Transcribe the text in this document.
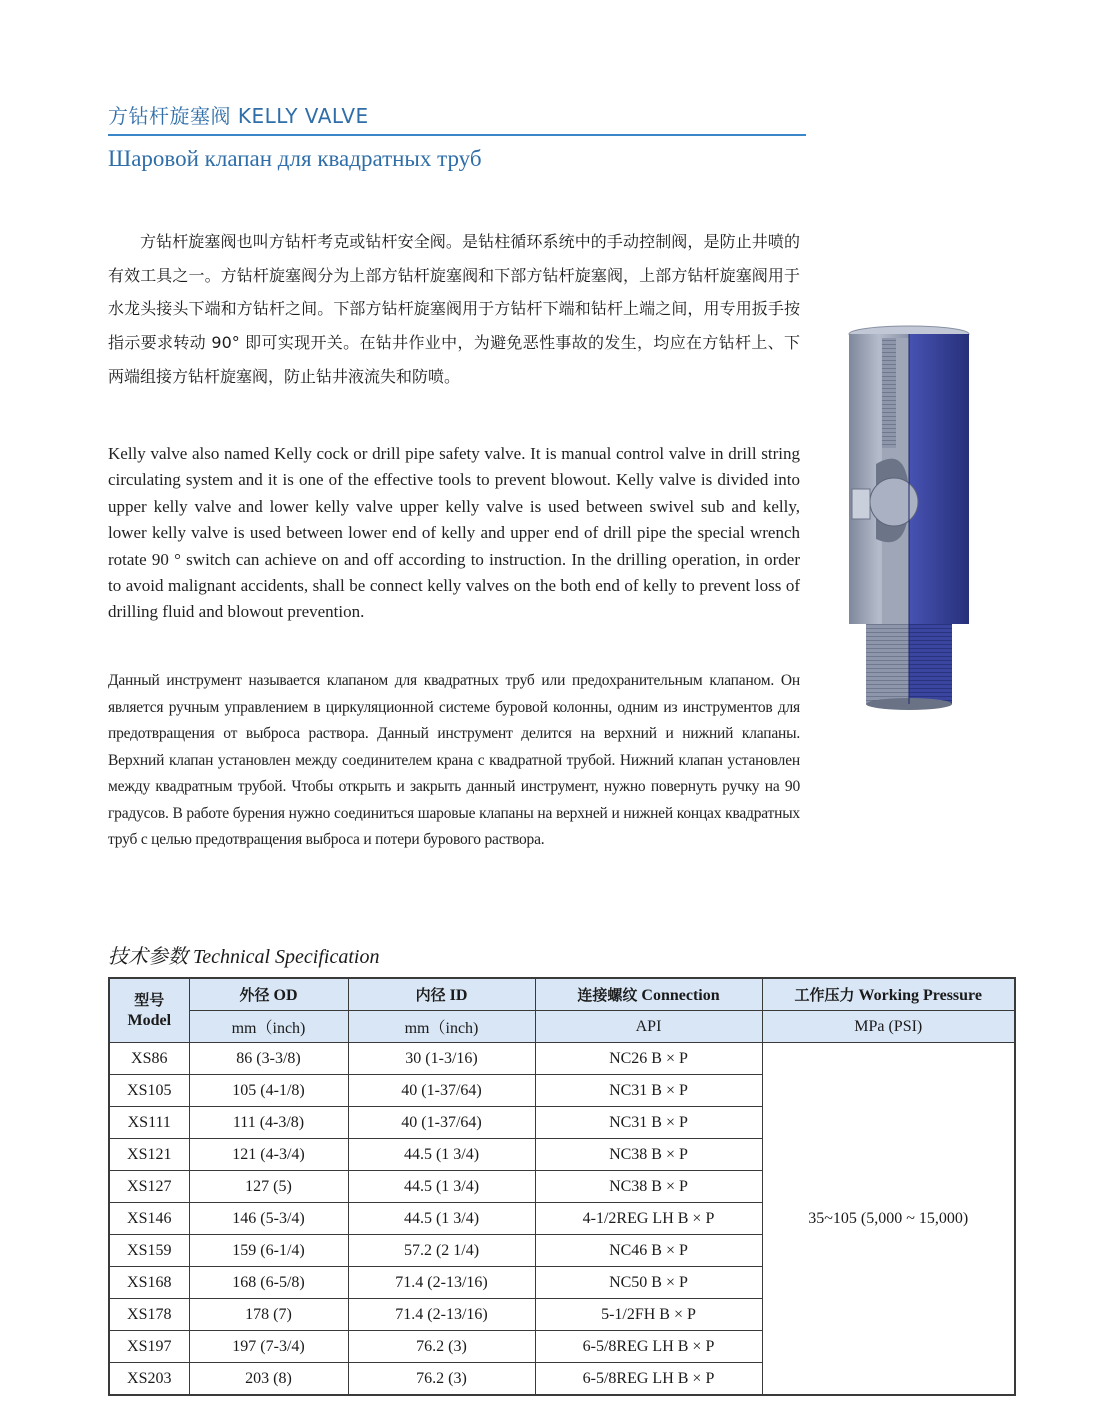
方钻杆旋塞阀 KELLY VALVE
Шаровой клапан для квадратных труб

方钻杆旋塞阀也叫方钻杆考克或钻杆安全阀。是钻柱循环系统中的手动控制阀，是防止井喷的有效工具之一。方钻杆旋塞阀分为上部方钻杆旋塞阀和下部方钻杆旋塞阀，上部方钻杆旋塞阀用于水龙头接头下端和方钻杆之间。下部方钻杆旋塞阀用于方钻杆下端和钻杆上端之间，用专用扳手按指示要求转动 90° 即可实现开关。在钻井作业中，为避免恶性事故的发生，均应在方钻杆上、下两端组接方钻杆旋塞阀，防止钻井液流失和防喷。

Kelly valve also named Kelly cock or drill pipe safety valve. It is manual control valve in drill string circulating system and it is one of the effective tools to prevent blowout. Kelly valve is divided into upper kelly valve and lower kelly valve upper kelly valve is used between swivel sub and kelly, lower kelly valve is used between lower end of kelly and upper end of drill pipe the special wrench rotate 90 ° switch can achieve on and off according to instruction. In the drilling operation, in order to avoid malignant accidents, shall be connect kelly valves on the both end of kelly to prevent loss of drilling fluid and blowout prevention.

Данный инструмент называется клапаном для квадратных труб или предохранительным клапаном. Он является ручным управлением в циркуляционной системе буровой колонны, одним из инструментов для предотвращения от выброса раствора. Данный инструмент делится на верхний и нижний клапаны. Верхний клапан установлен между соединителем крана с квадратной трубой. Нижний клапан установлен между квадратным трубой. Чтобы открыть и закрыть данный инструмент, нужно повернуть ручку на 90 градусов. В работе бурения нужно соединиться шаровые клапаны на верхней и нижней концах квадратных труб с целью предотвращения выброса и потери бурового раствора.

技术参数 Technical Specification
型号
Model	外径 OD	内径 ID	连接螺纹 Connection	工作压力 Working Pressure
	mm（inch)	mm（inch)	API	MPa (PSI)
XS86	86 (3-3/8)	30 (1-3/16)	NC26 B × P	35~105 (5,000 ~ 15,000)
XS105	105 (4-1/8)	40 (1-37/64)	NC31 B × P	
XS111	111 (4-3/8)	40 (1-37/64)	NC31 B × P	
XS121	121 (4-3/4)	44.5 (1 3/4)	NC38 B × P	
XS127	127 (5)	44.5 (1 3/4)	NC38 B × P	
XS146	146 (5-3/4)	44.5 (1 3/4)	4-1/2REG LH B × P	
XS159	159 (6-1/4)	57.2 (2 1/4)	NC46 B × P	
XS168	168 (6-5/8)	71.4 (2-13/16)	NC50 B × P	
XS178	178 (7)	71.4 (2-13/16)	5-1/2FH B × P	
XS197	197 (7-3/4)	76.2 (3)	6-5/8REG LH B × P	
XS203	203 (8)	76.2 (3)	6-5/8REG LH B × P	
